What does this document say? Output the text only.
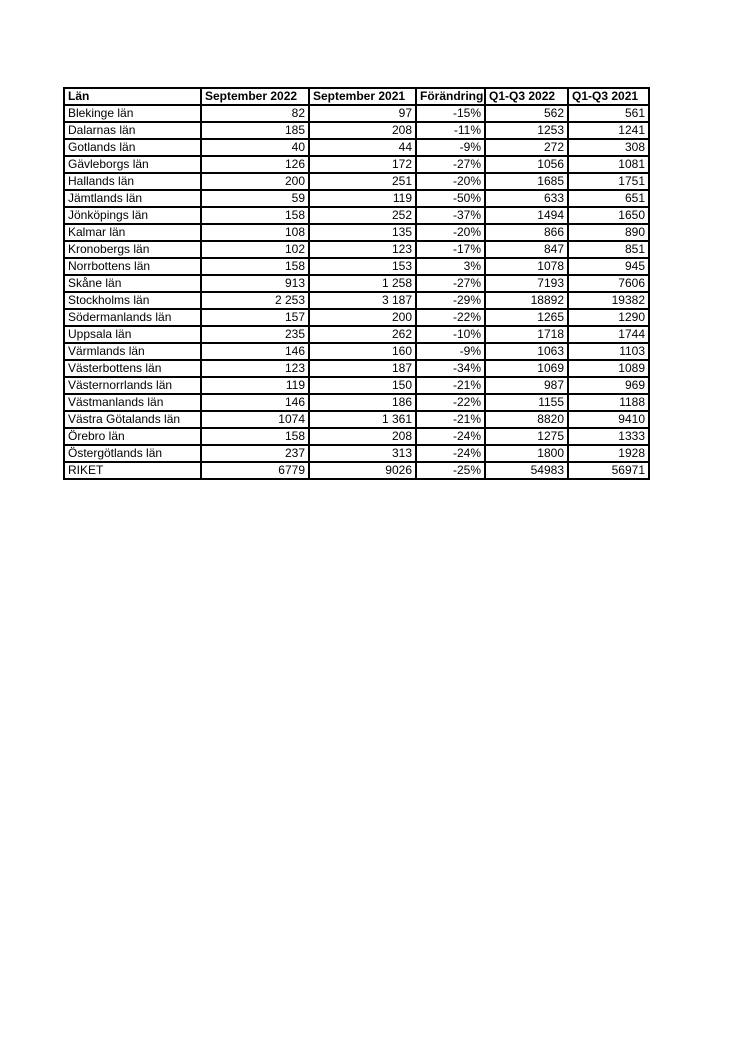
Län	September 2022	September 2021	Förändring	Q1-Q3 2022	Q1-Q3 2021
Blekinge län	82	97	-15%	562	561
Dalarnas län	185	208	-11%	1253	1241
Gotlands län	40	44	-9%	272	308
Gävleborgs län	126	172	-27%	1056	1081
Hallands län	200	251	-20%	1685	1751
Jämtlands län	59	119	-50%	633	651
Jönköpings län	158	252	-37%	1494	1650
Kalmar län	108	135	-20%	866	890
Kronobergs län	102	123	-17%	847	851
Norrbottens län	158	153	3%	1078	945
Skåne län	913	1 258	-27%	7193	7606
Stockholms län	2 253	3 187	-29%	18892	19382
Södermanlands län	157	200	-22%	1265	1290
Uppsala län	235	262	-10%	1718	1744
Värmlands län	146	160	-9%	1063	1103
Västerbottens län	123	187	-34%	1069	1089
Västernorrlands län	119	150	-21%	987	969
Västmanlands län	146	186	-22%	1155	1188
Västra Götalands län	1074	1 361	-21%	8820	9410
Örebro län	158	208	-24%	1275	1333
Östergötlands län	237	313	-24%	1800	1928
RIKET	6779	9026	-25%	54983	56971
